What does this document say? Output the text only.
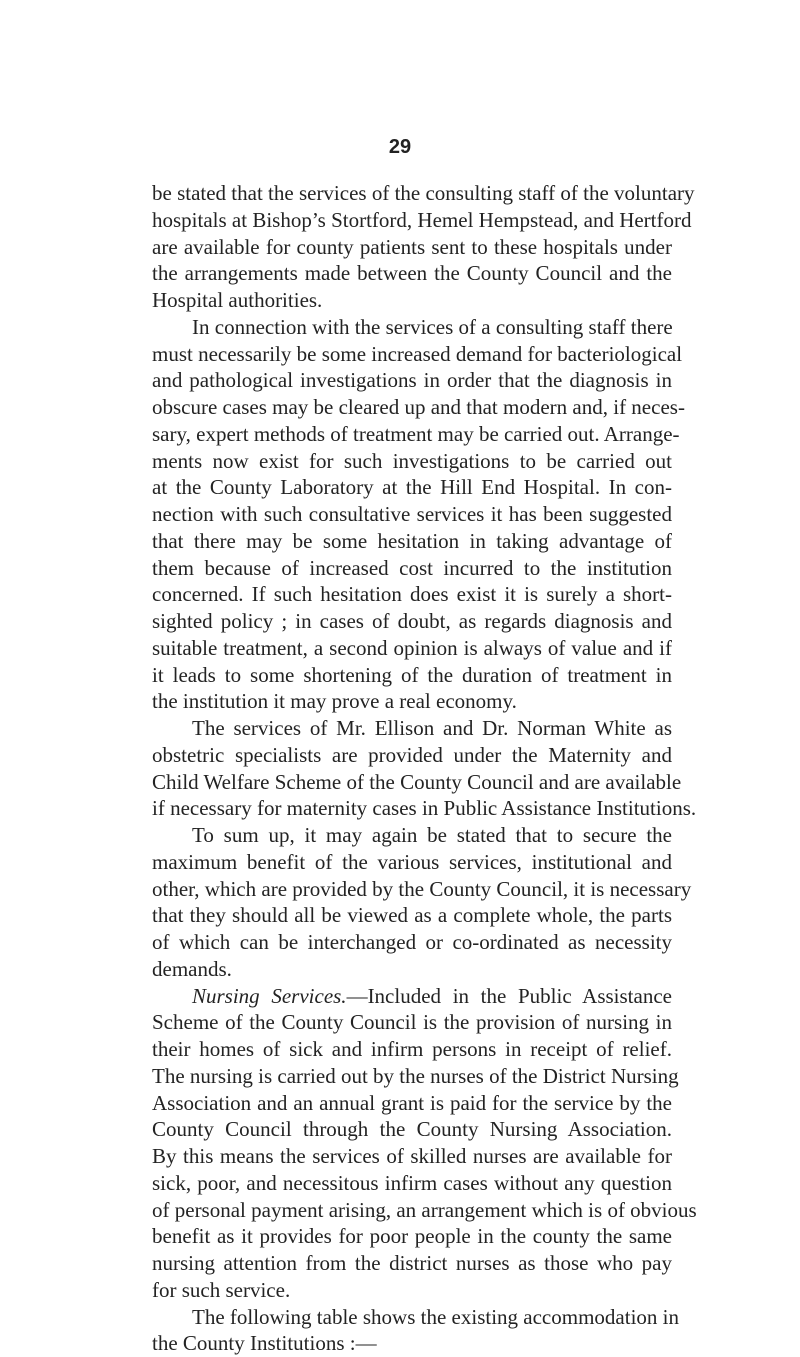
29
be stated that the services of the consulting staff of the voluntary
hospitals at Bishop’s Stortford, Hemel Hempstead, and Hertford
are available for county patients sent to these hospitals under
the arrangements made between the County Council and the
Hospital authorities.
In connection with the services of a consulting staff there
must necessarily be some increased demand for bacteriological
and pathological investigations in order that the diagnosis in
obscure cases may be cleared up and that modern and, if neces-
sary, expert methods of treatment may be carried out. Arrange-
ments now exist for such investigations to be carried out
at the County Laboratory at the Hill End Hospital. In con-
nection with such consultative services it has been suggested
that there may be some hesitation in taking advantage of
them because of increased cost incurred to the institution
concerned. If such hesitation does exist it is surely a short-
sighted policy ; in cases of doubt, as regards diagnosis and
suitable treatment, a second opinion is always of value and if
it leads to some shortening of the duration of treatment in
the institution it may prove a real economy.
The services of Mr. Ellison and Dr. Norman White as
obstetric specialists are provided under the Maternity and
Child Welfare Scheme of the County Council and are available
if necessary for maternity cases in Public Assistance Institutions.
To sum up, it may again be stated that to secure the
maximum benefit of the various services, institutional and
other, which are provided by the County Council, it is necessary
that they should all be viewed as a complete whole, the parts
of which can be interchanged or co-ordinated as necessity
demands.
Nursing Services.—Included in the Public Assistance
Scheme of the County Council is the provision of nursing in
their homes of sick and infirm persons in receipt of relief.
The nursing is carried out by the nurses of the District Nursing
Association and an annual grant is paid for the service by the
County Council through the County Nursing Association.
By this means the services of skilled nurses are available for
sick, poor, and necessitous infirm cases without any question
of personal payment arising, an arrangement which is of obvious
benefit as it provides for poor people in the county the same
nursing attention from the district nurses as those who pay
for such service.
The following table shows the existing accommodation in
the County Institutions :—
